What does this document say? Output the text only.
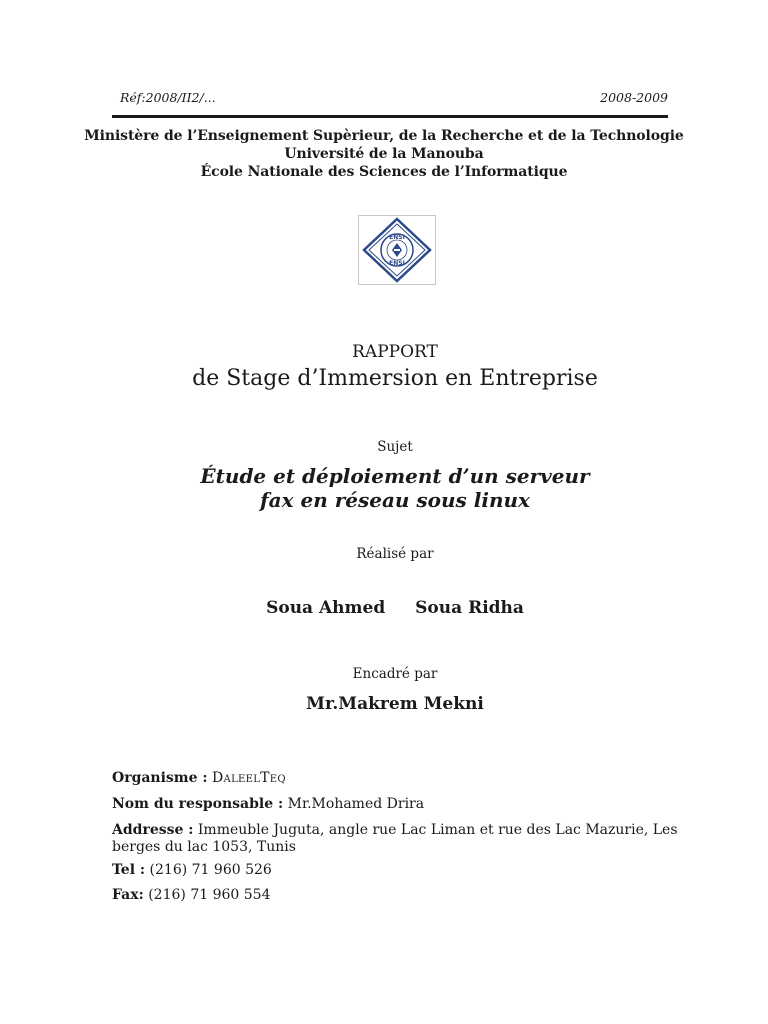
Réf:2008/II2/...	2008-2009
Ministère de l’Enseignement Supèrieur, de la Recherche et de la Technologie
Université de la Manouba
École Nationale des Sciences de l’Informatique
ENSI
ENSI
RAPPORT
de Stage d’Immersion en Entreprise
Sujet
Étude et déploiement d’un serveur
fax en réseau sous linux
Réalisé par
Soua Ahmed Soua Ridha
Encadré par
Mr.Makrem Mekni
Organisme : DaleelTeq
Nom du responsable : Mr.Mohamed Drira
Addresse : Immeuble Juguta, angle rue Lac Liman et rue des Lac Mazurie, Les berges du lac 1053, Tunis
Tel : (216) 71 960 526
Fax: (216) 71 960 554
